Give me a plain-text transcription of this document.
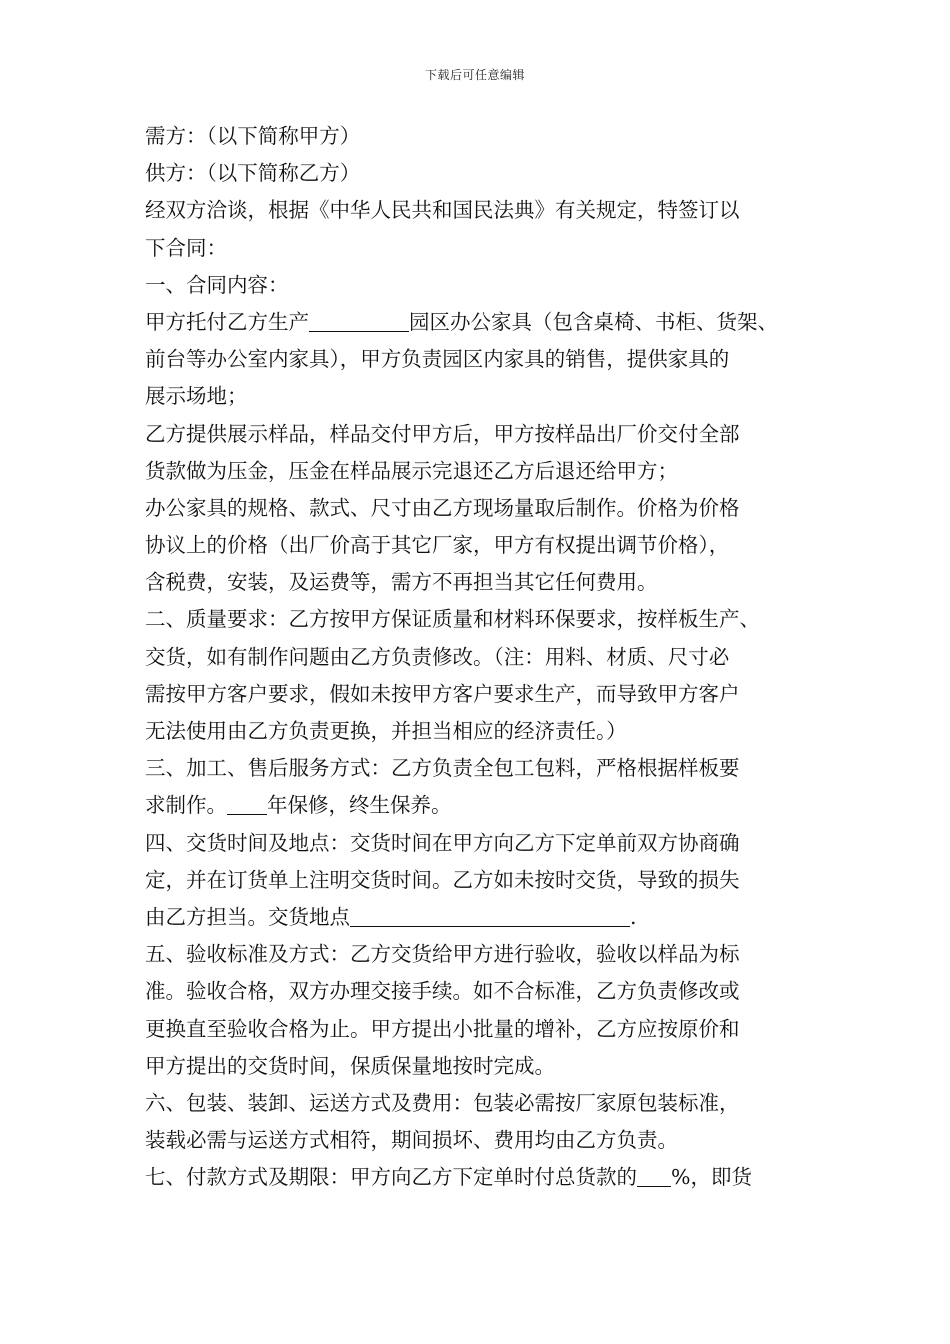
下载后可任意编辑
需方：（以下简称甲方）
供方：（以下简称乙方）
经双方洽谈，根据《中华人民共和国民法典》有关规定，特签订以
下合同：
一、合同内容：
甲方托付乙方生产	园区办公家具（包含桌椅、书柜、货架、
前台等办公室内家具），甲方负责园区内家具的销售，提供家具的
展示场地；
乙方提供展示样品，样品交付甲方后，甲方按样品出厂价交付全部
货款做为压金，压金在样品展示完退还乙方后退还给甲方；
办公家具的规格、款式、尺寸由乙方现场量取后制作。价格为价格
协议上的价格（出厂价高于其它厂家，甲方有权提出调节价格），
含税费，安装，及运费等，需方不再担当其它任何费用。
二、质量要求：乙方按甲方保证质量和材料环保要求，按样板生产、
交货，如有制作问题由乙方负责修改。（注：用料、材质、尺寸必
需按甲方客户要求，假如未按甲方客户要求生产，而导致甲方客户
无法使用由乙方负责更换，并担当相应的经济责任。）
三、加工、售后服务方式：乙方负责全包工包料，严格根据样板要
求制作。 年保修，终生保养。
四、交货时间及地点：交货时间在甲方向乙方下定单前双方协商确
定，并在订货单上注明交货时间。乙方如未按时交货，导致的损失
由乙方担当。交货地点	.
五、验收标准及方式：乙方交货给甲方进行验收，验收以样品为标
准。验收合格，双方办理交接手续。如不合标准，乙方负责修改或
更换直至验收合格为止。甲方提出小批量的增补，乙方应按原价和
甲方提出的交货时间，保质保量地按时完成。
六、包装、装卸、运送方式及费用：包装必需按厂家原包装标准，
装载必需与运送方式相符，期间损坏、费用均由乙方负责。
七、付款方式及期限：甲方向乙方下定单时付总货款的 %，即货
